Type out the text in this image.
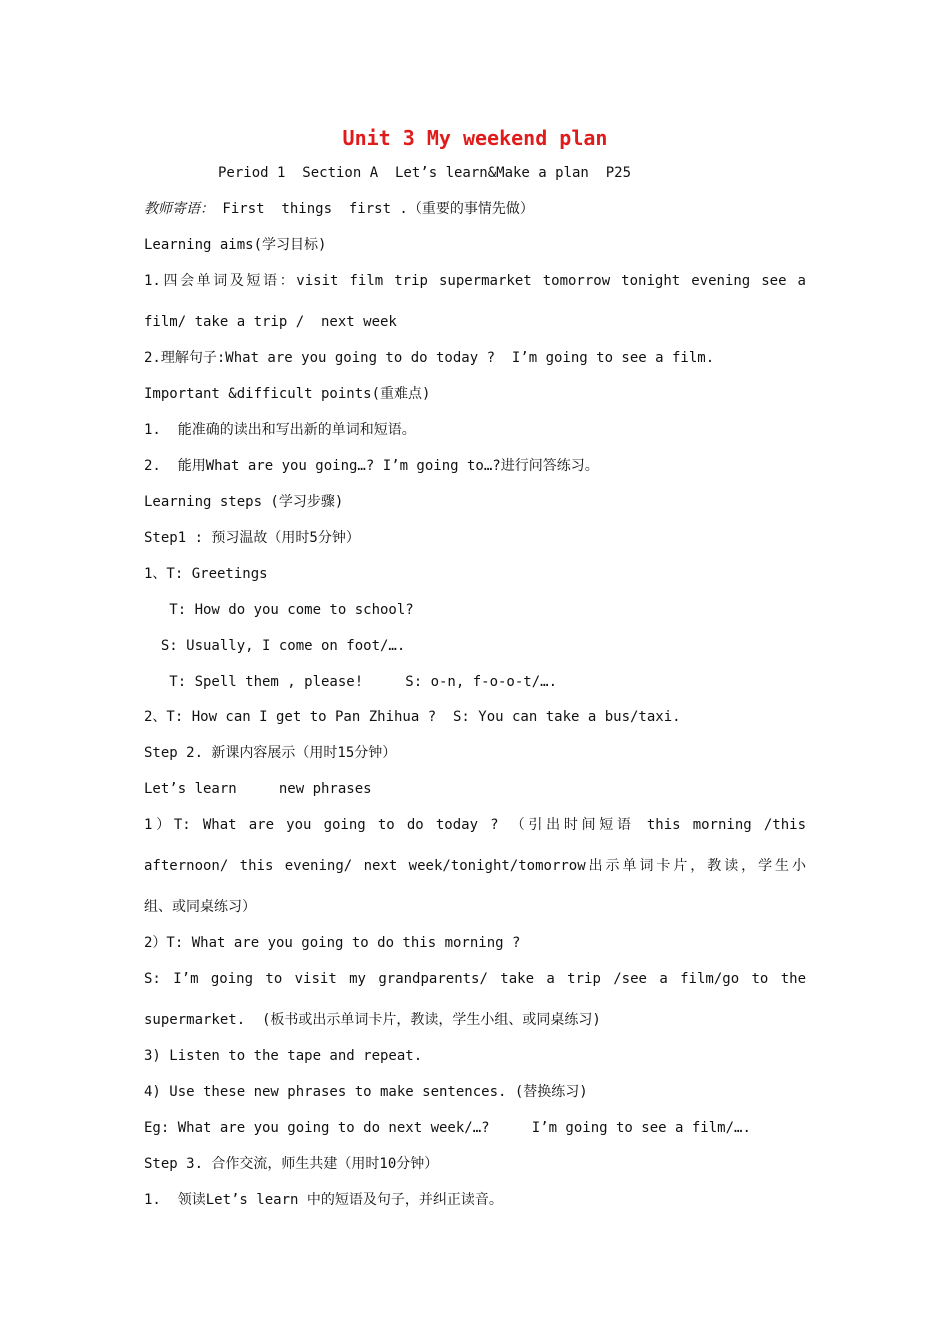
Unit 3 My weekend plan
Period 1  Section A  Let’s learn&Make a plan  P25
教师寄语： First  things  first .（重要的事情先做）
Learning aims(学习目标)
1.四会单词及短语：visit film trip supermarket tomorrow tonight evening see a
film/ take a trip /  next week
2.理解句子:What are you going to do today ?  I’m going to see a film.
Important &difficult points(重难点)
1.  能准确的读出和写出新的单词和短语。
2.  能用What are you going…? I’m going to…?进行问答练习。
Learning steps (学习步骤)
Step1 : 预习温故（用时5分钟）
1、T: Greetings
T: How do you come to school?
S: Usually, I come on foot/….
T: Spell them , please!     S: o-n, f-o-o-t/….
2、T: How can I get to Pan Zhihua ?  S: You can take a bus/taxi.
Step 2. 新课内容展示（用时15分钟）
Let’s learn     new phrases
1）T: What are you going to do today ? （引出时间短语 this morning /this
afternoon/ this evening/ next week/tonight/tomorrow出示单词卡片，教读，学生小
组、或同桌练习）
2）T: What are you going to do this morning ?
S: I’m going to visit my grandparents/ take a trip /see a film/go to the
supermarket.  (板书或出示单词卡片，教读，学生小组、或同桌练习)
3) Listen to the tape and repeat.
4) Use these new phrases to make sentences. (替换练习)
Eg: What are you going to do next week/…?     I’m going to see a film/….
Step 3. 合作交流，师生共建（用时10分钟）
1.  领读Let’s learn 中的短语及句子，并纠正读音。
